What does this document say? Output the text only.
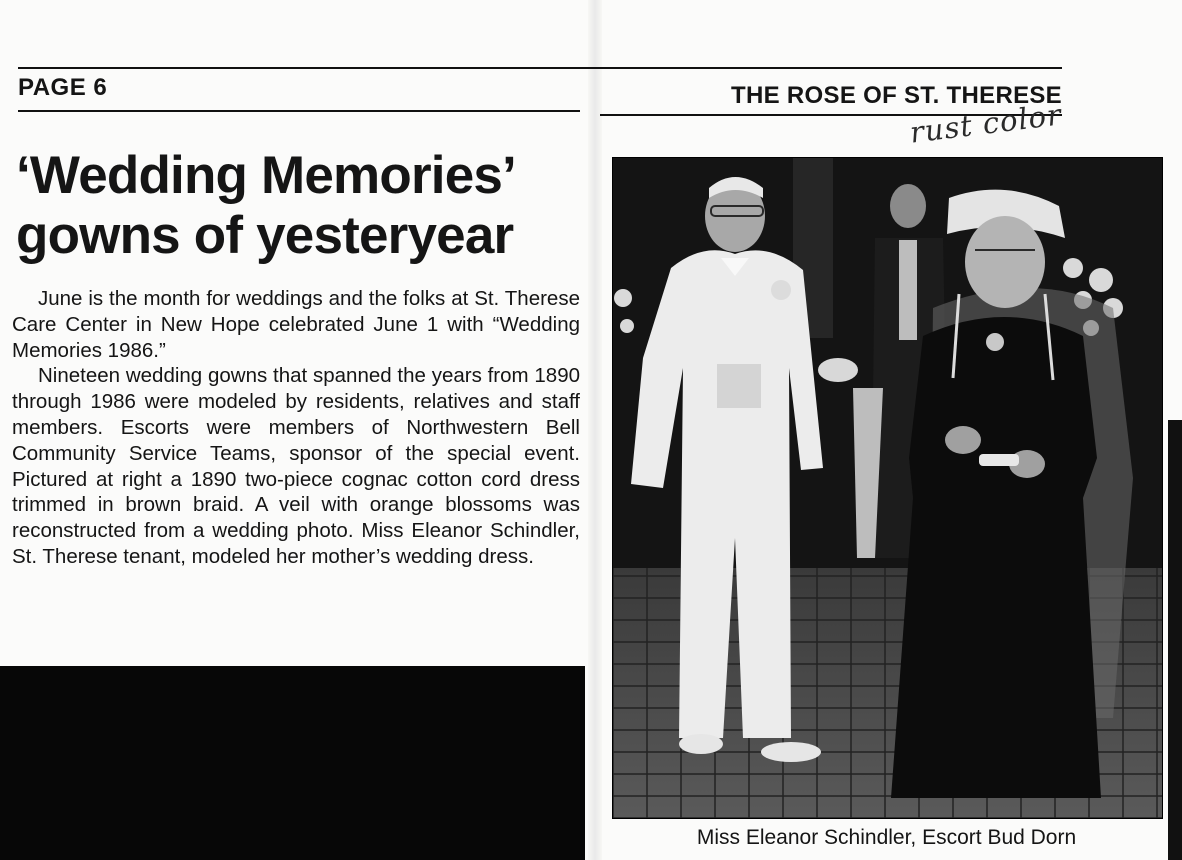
PAGE 6	THE ROSE OF ST. THERESE
rust color
‘Wedding Memories’
gowns of yesteryear

June is the month for weddings and the folks at St. Therese Care Center in New Hope celebrated June 1 with “Wedding Memories 1986.”

Nineteen wedding gowns that spanned the years from 1890 through 1986 were modeled by residents, relatives and staff members. Escorts were members of Northwestern Bell Community Service Teams, sponsor of the special event. Pictured at right a 1890 two-piece cognac cotton cord dress trimmed in brown braid. A veil with orange blossoms was reconstructed from a wedding photo. Miss Eleanor Schindler, St. Therese tenant, modeled her mother’s wedding dress.

Miss Eleanor Schindler, Escort Bud Dorn
